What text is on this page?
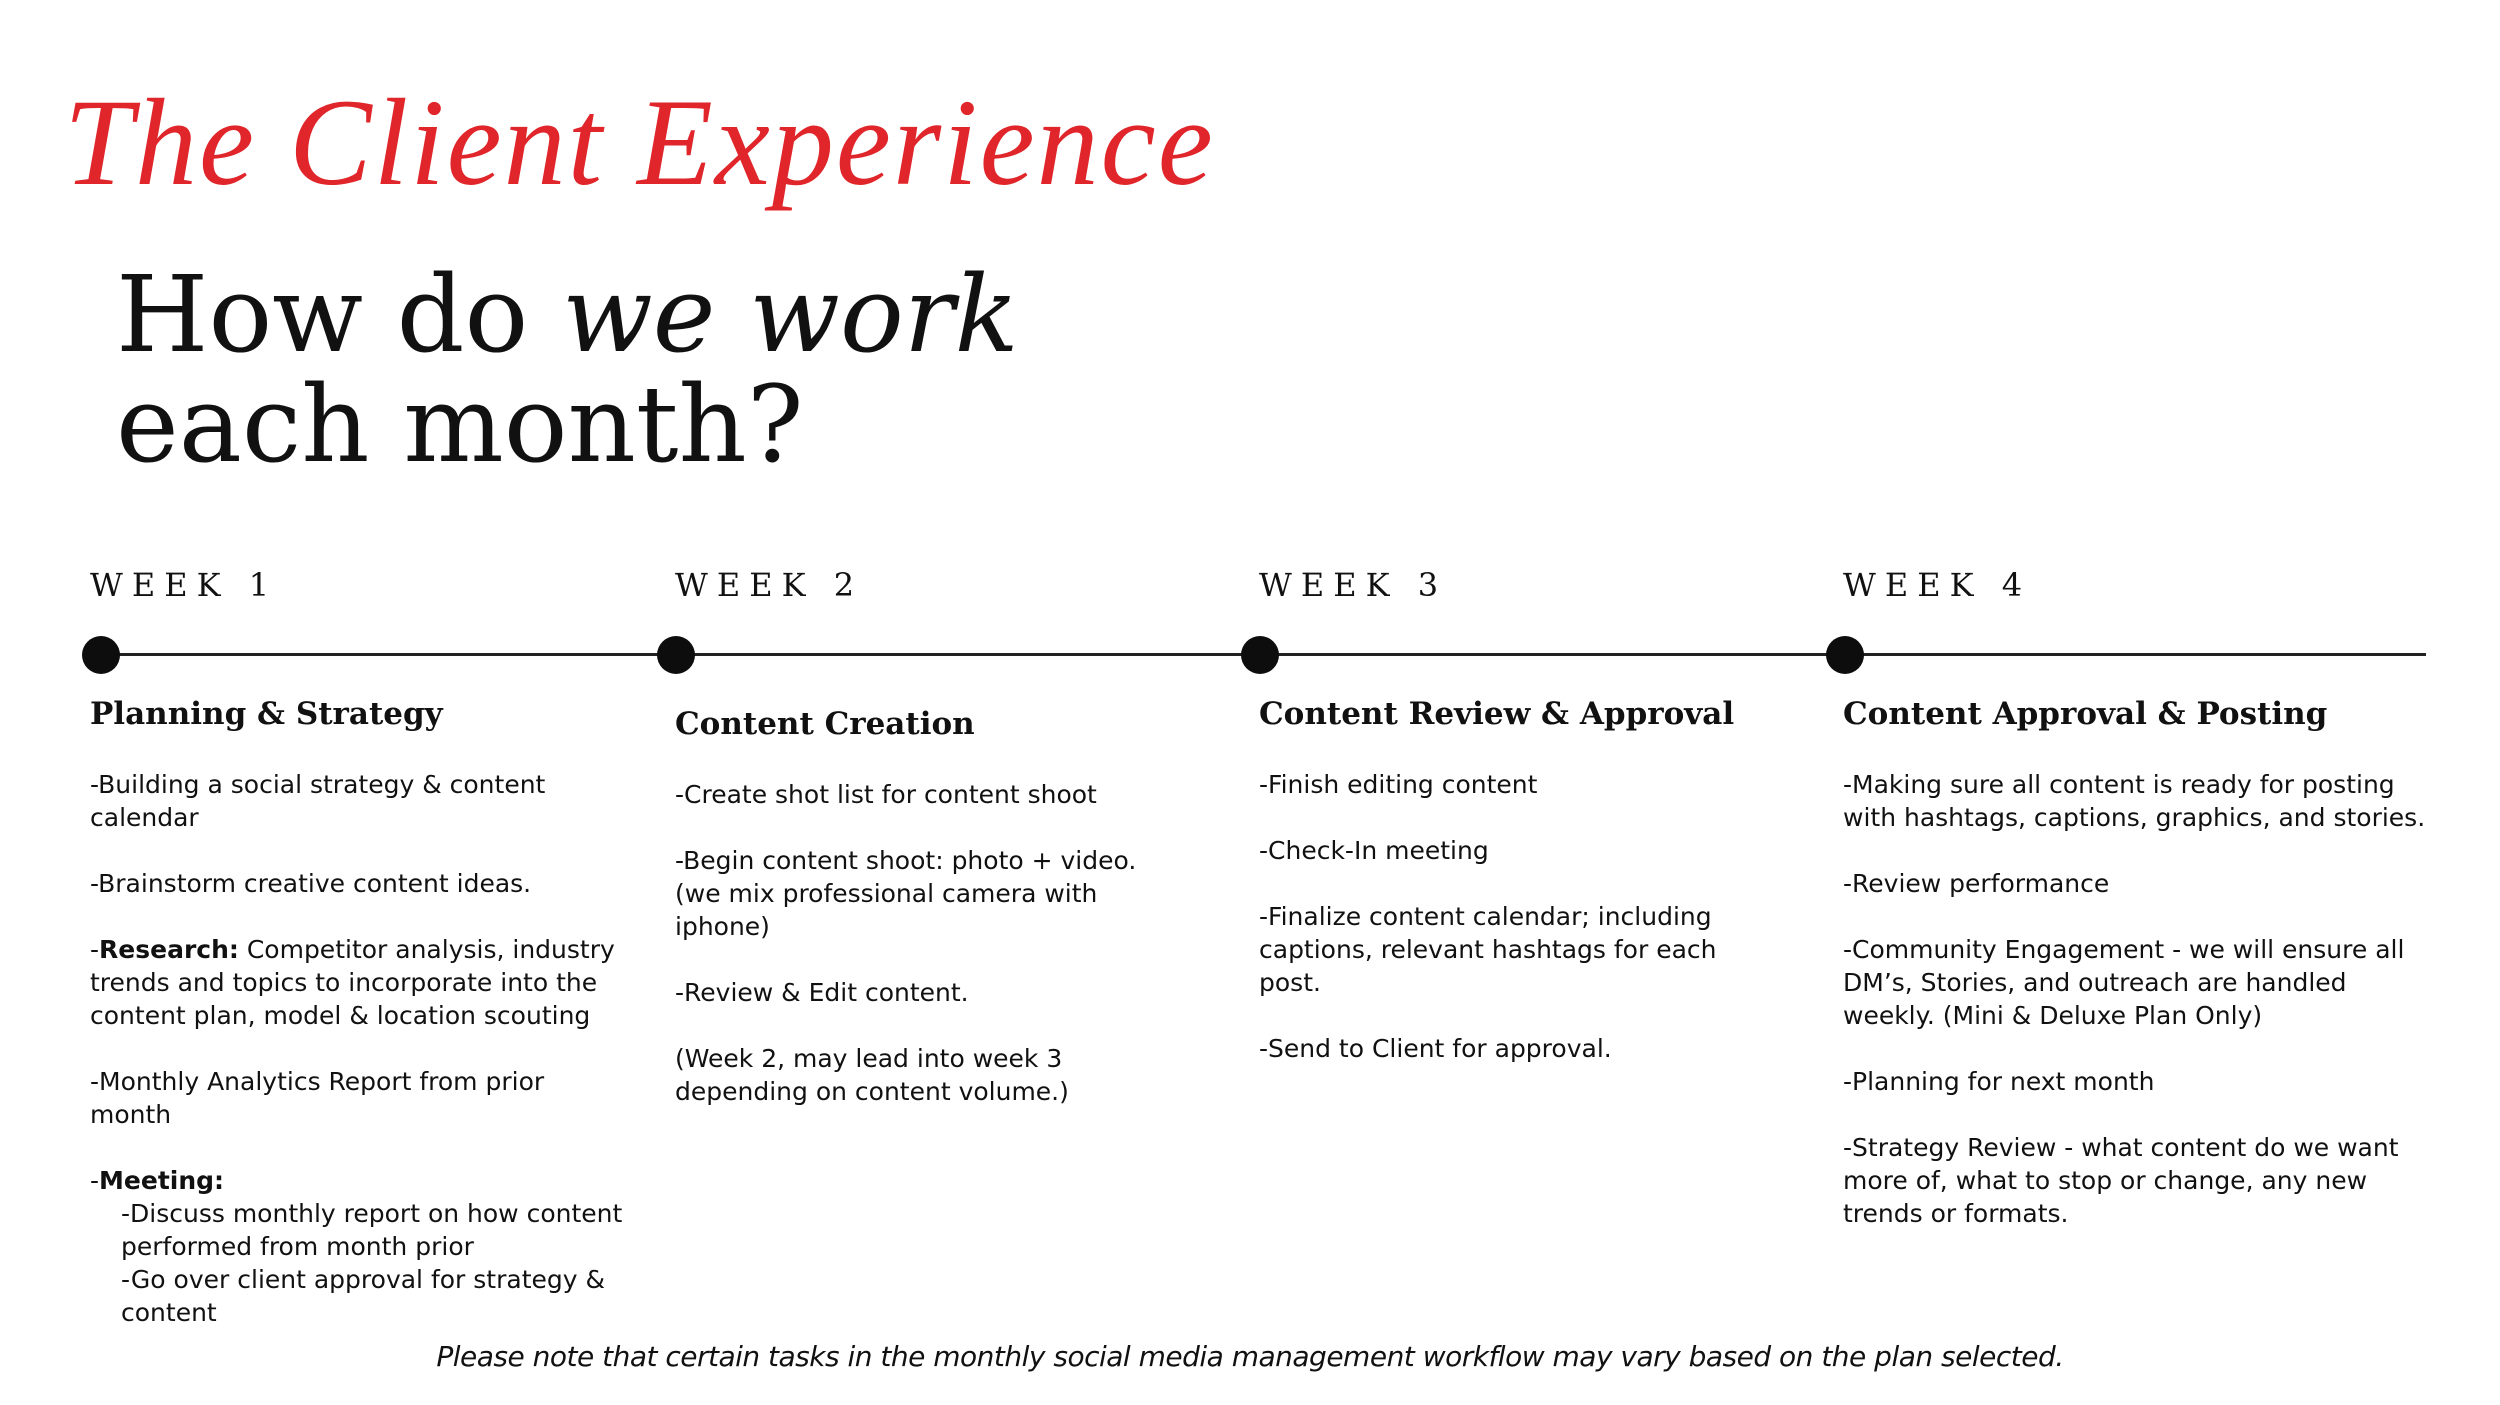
The Client Experience
How do we work
each month?
WEEK 1	WEEK 2	WEEK 3	WEEK 4
Planning & Strategy

-Building a social strategy & content calendar

-Brainstorm creative content ideas.

-Research: Competitor analysis, industry trends and topics to incorporate into the content plan, model & location scouting

-Monthly Analytics Report from prior month

-Meeting:
-Discuss monthly report on how content performed from month prior
-Go over client approval for strategy & content

Content Creation

-Create shot list for content shoot

-Begin content shoot: photo + video. (we mix professional camera with iphone)

-Review & Edit content.

(Week 2, may lead into week 3 depending on content volume.)

Content Review & Approval

-Finish editing content

-Check-In meeting

-Finalize content calendar; including captions, relevant hashtags for each post.

-Send to Client for approval.

Content Approval & Posting

-Making sure all content is ready for posting with hashtags, captions, graphics, and stories.

-Review performance

-Community Engagement - we will ensure all DM’s, Stories, and outreach are handled weekly. (Mini & Deluxe Plan Only)

-Planning for next month

-Strategy Review - what content do we want more of, what to stop or change, any new trends or formats.

Please note that certain tasks in the monthly social media management workflow may vary based on the plan selected.
